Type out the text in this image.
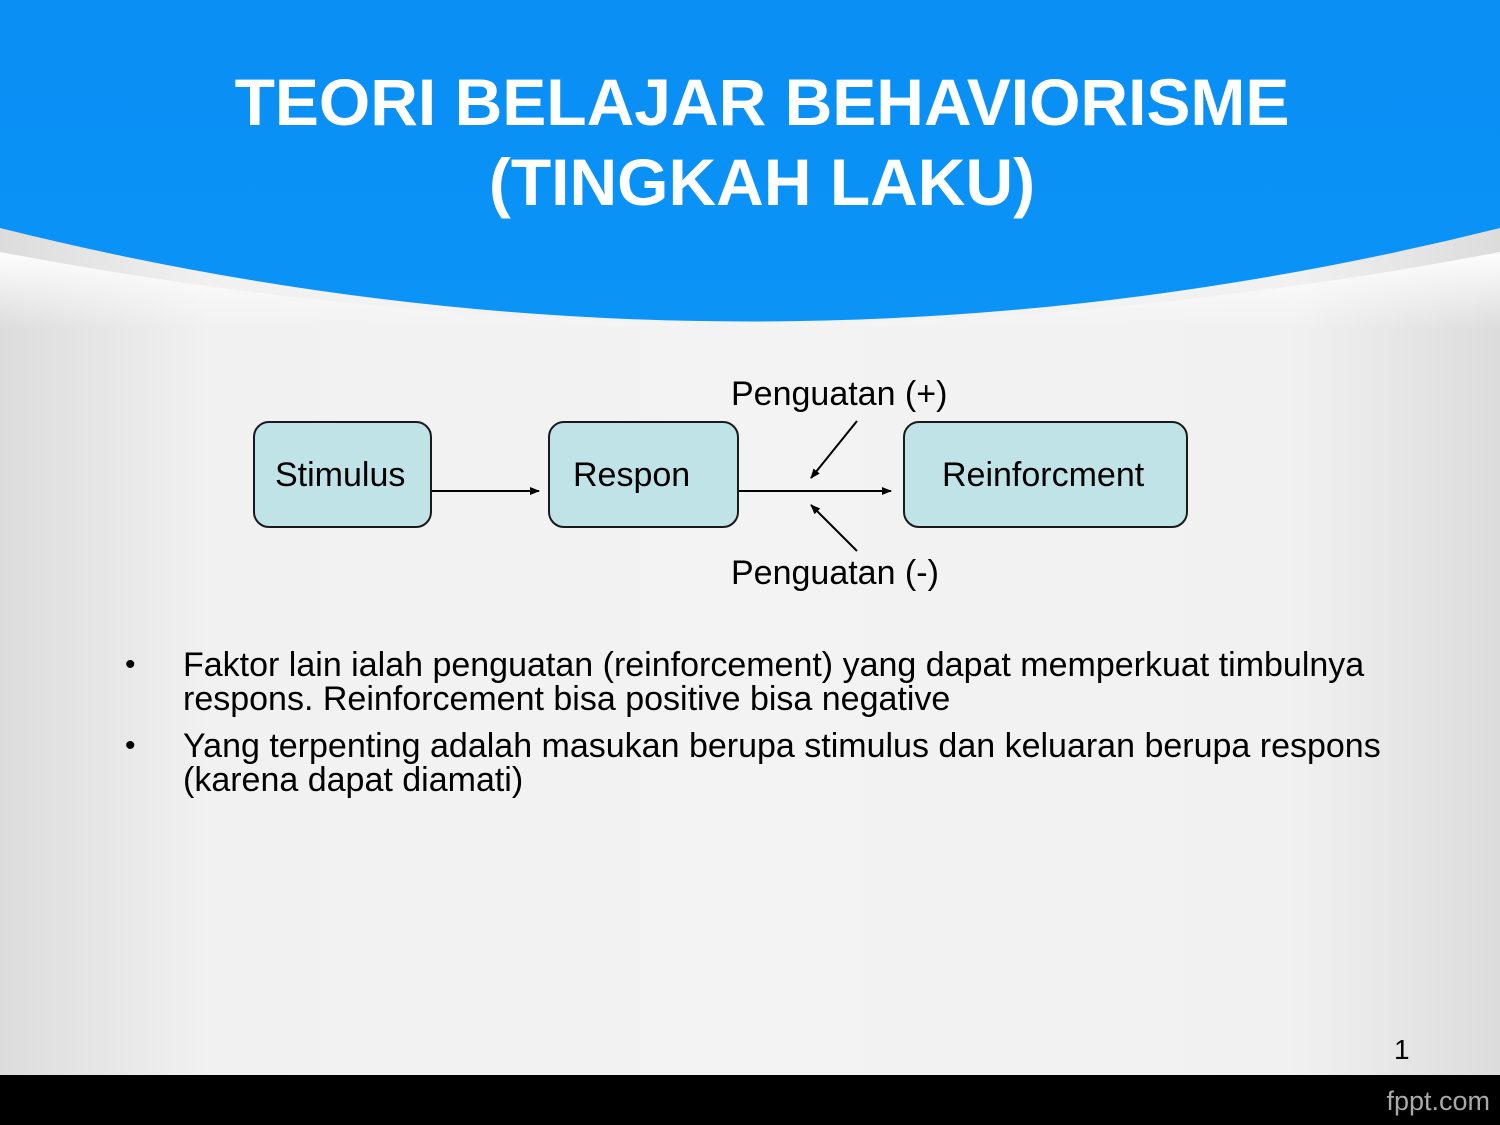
TEORI BELAJAR BEHAVIORISME
(TINGKAH LAKU)
Stimulus	Respon	Reinforcment
Penguatan (+)
Penguatan (-)
• Faktor lain ialah penguatan (reinforcement) yang dapat memperkuat timbulnya respons. Reinforcement bisa positive bisa negative
• Yang terpenting adalah masukan berupa stimulus dan keluaran berupa respons (karena dapat diamati)
1
fppt.com
